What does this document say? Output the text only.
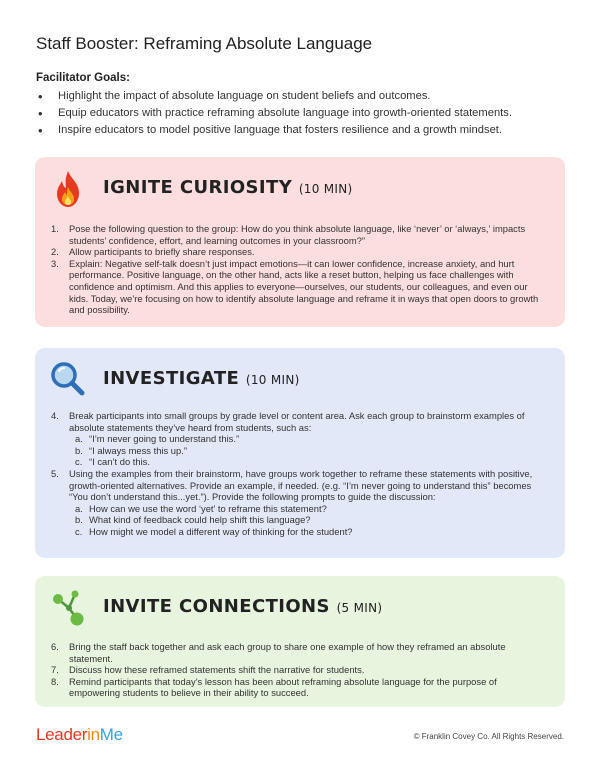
Staff Booster: Reframing Absolute Language
Facilitator Goals:
• Highlight the impact of absolute language on student beliefs and outcomes.
• Equip educators with practice reframing absolute language into growth-oriented statements.
• Inspire educators to model positive language that fosters resilience and a growth mindset.
IGNITE CURIOSITY (10 MIN)
1. Pose the following question to the group: How do you think absolute language, like ‘never’ or ‘always,’ impacts students’ confidence, effort, and learning outcomes in your classroom?”
2. Allow participants to briefly share responses.
3. Explain: Negative self-talk doesn’t just impact emotions—it can lower confidence, increase anxiety, and hurt performance. Positive language, on the other hand, acts like a reset button, helping us face challenges with confidence and optimism. And this applies to everyone—ourselves, our students, our colleagues, and even our kids. Today, we’re focusing on how to identify absolute language and reframe it in ways that open doors to growth and possibility.
INVESTIGATE (10 MIN)
4. Break participants into small groups by grade level or content area. Ask each group to brainstorm examples of absolute statements they’ve heard from students, such as:
a. “I’m never going to understand this.”
b. “I always mess this up.”
c. “I can’t do this.
5. Using the examples from their brainstorm, have groups work together to reframe these statements with positive, growth-oriented alternatives. Provide an example, if needed. (e.g. “I’m never going to understand this” becomes “You don’t understand this...yet.”). Provide the following prompts to guide the discussion:
a. How can we use the word ‘yet’ to reframe this statement?
b. What kind of feedback could help shift this language?
c. How might we model a different way of thinking for the student?
INVITE CONNECTIONS (5 MIN)
6. Bring the staff back together and ask each group to share one example of how they reframed an absolute statement.
7. Discuss how these reframed statements shift the narrative for students.
8. Remind participants that today’s lesson has been about reframing absolute language for the purpose of empowering students to believe in their ability to succeed.
LeaderinMe	© Franklin Covey Co. All Rights Reserved.
